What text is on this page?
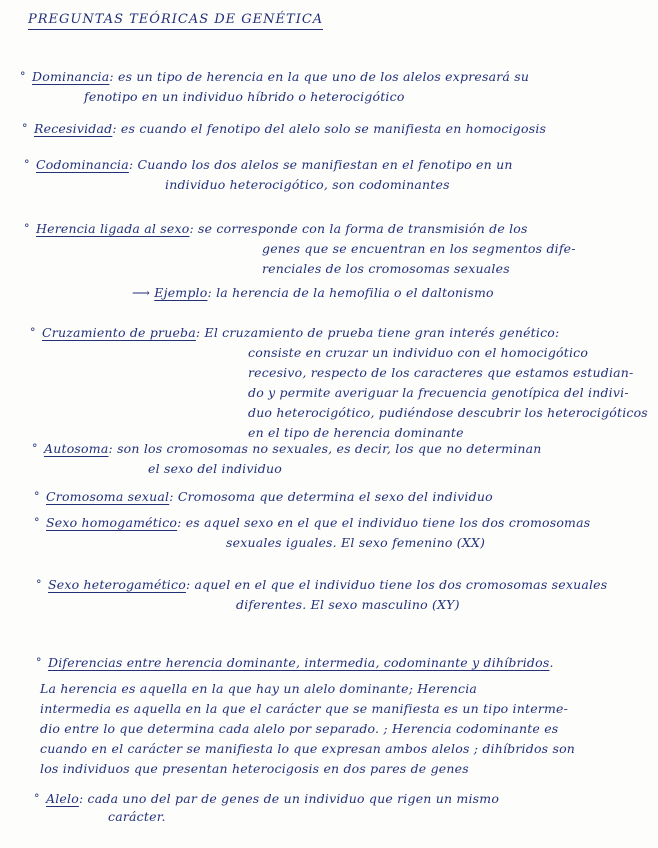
PREGUNTAS TEÓRICAS DE GENÉTICA
° Dominancia: es un tipo de herencia en la que uno de los alelos expresará su
fenotipo en un individuo híbrido o heterocigótico
° Recesividad: es cuando el fenotipo del alelo solo se manifiesta en homocigosis
° Codominancia: Cuando los dos alelos se manifiestan en el fenotipo en un
individuo heterocigótico, son codominantes
° Herencia ligada al sexo: se corresponde con la forma de transmisión de los
genes que se encuentran en los segmentos dife-
renciales de los cromosomas sexuales
⟶ Ejemplo: la herencia de la hemofilia o el daltonismo
° Cruzamiento de prueba: El cruzamiento de prueba tiene gran interés genético:
consiste en cruzar un individuo con el homocigótico
recesivo, respecto de los caracteres que estamos estudian-
do y permite averiguar la frecuencia genotípica del indivi-
duo heterocigótico, pudiéndose descubrir los heterocigóticos
en el tipo de herencia dominante
° Autosoma: son los cromosomas no sexuales, es decir, los que no determinan
el sexo del individuo
° Cromosoma sexual: Cromosoma que determina el sexo del individuo
° Sexo homogamético: es aquel sexo en el que el individuo tiene los dos cromosomas
sexuales iguales. El sexo femenino (XX)
° Sexo heterogamético: aquel en el que el individuo tiene los dos cromosomas sexuales
diferentes. El sexo masculino (XY)
° Diferencias entre herencia dominante, intermedia, codominante y dihíbridos.
La herencia es aquella en la que hay un alelo dominante; Herencia
intermedia es aquella en la que el carácter que se manifiesta es un tipo interme-
dio entre lo que determina cada alelo por separado. ; Herencia codominante es
cuando en el carácter se manifiesta lo que expresan ambos alelos ; dihíbridos son
los individuos que presentan heterocigosis en dos pares de genes
° Alelo: cada uno del par de genes de un individuo que rigen un mismo
carácter.
